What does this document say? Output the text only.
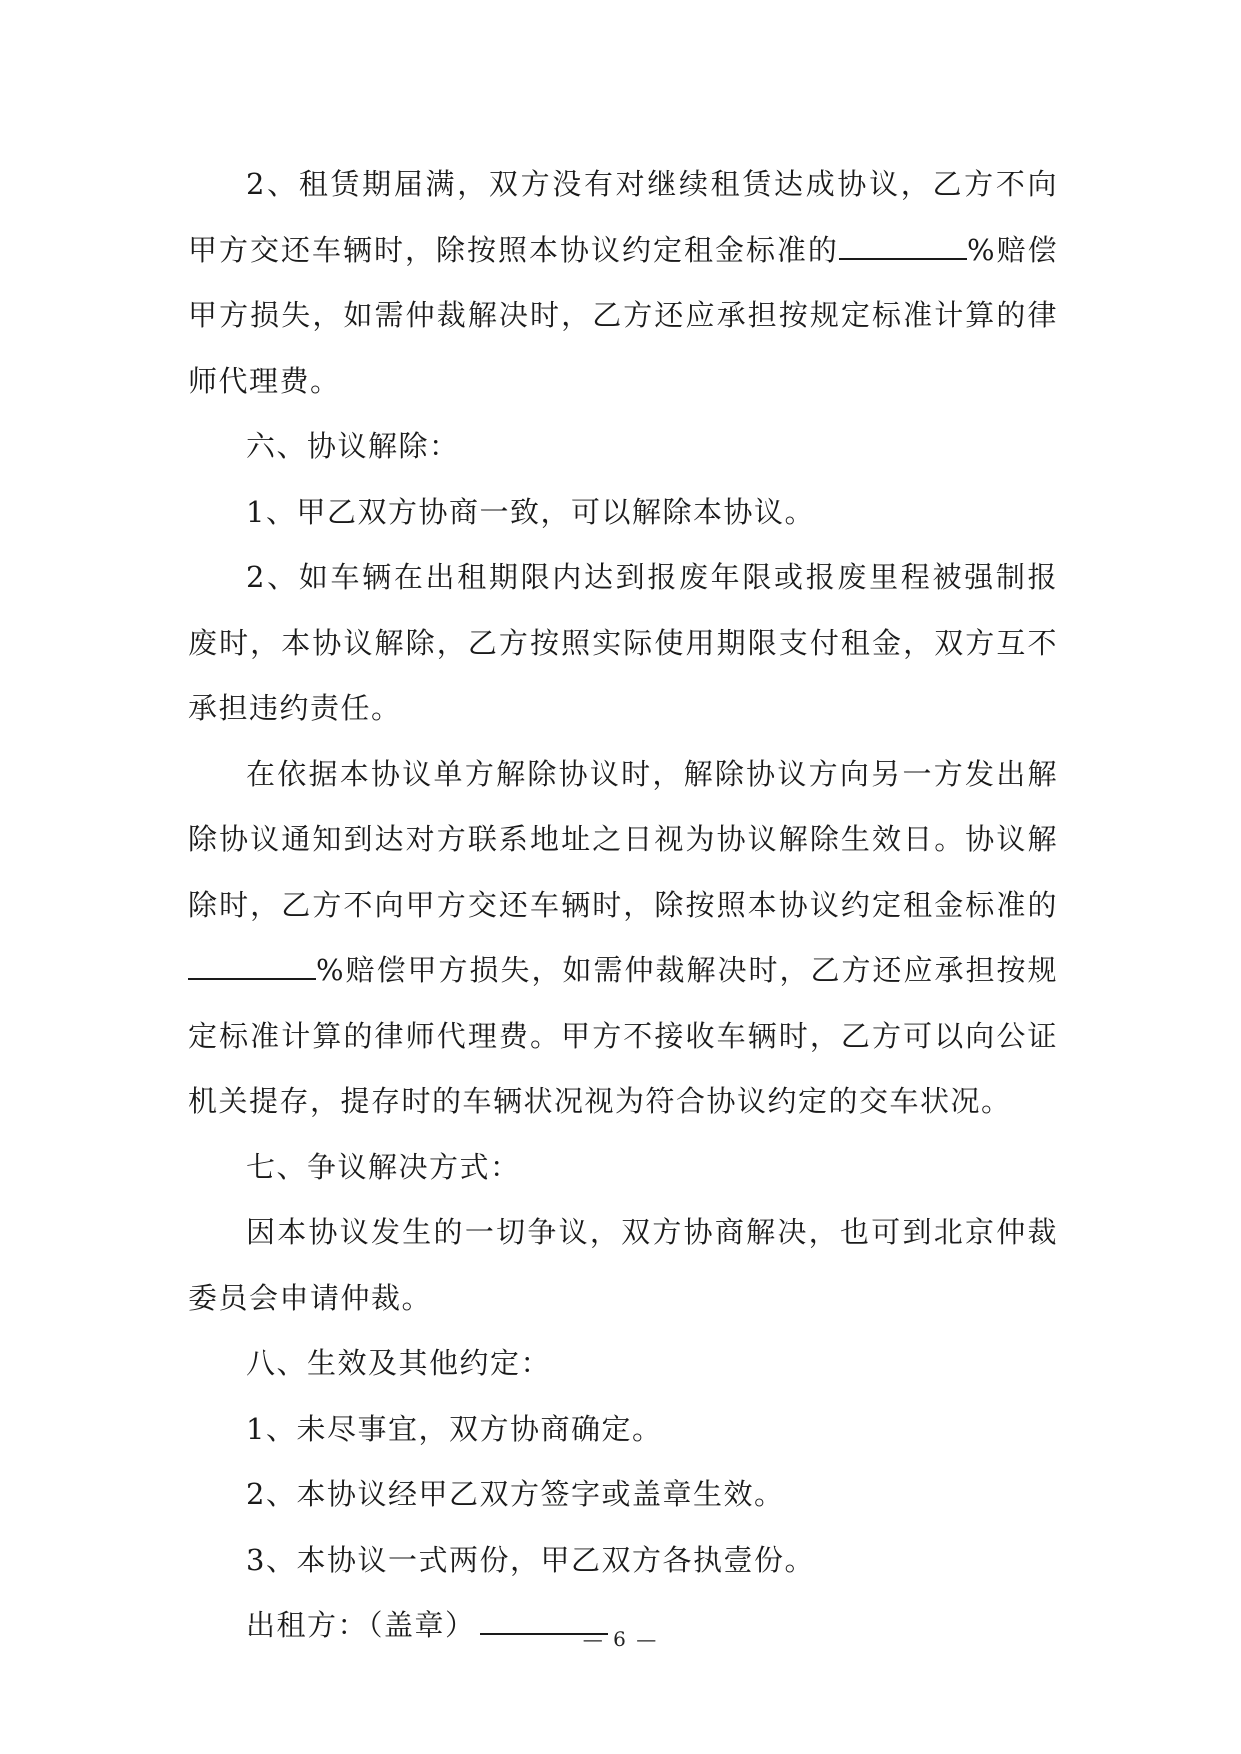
2、租赁期届满，双方没有对继续租赁达成协议，乙方不向甲方交还车辆时，除按照本协议约定租金标准的	%赔偿甲方损失，如需仲裁解决时，乙方还应承担按规定标准计算的律师代理费。

六、协议解除：

1、甲乙双方协商一致，可以解除本协议。

2、如车辆在出租期限内达到报废年限或报废里程被强制报废时，本协议解除，乙方按照实际使用期限支付租金，双方互不承担违约责任。

在依据本协议单方解除协议时，解除协议方向另一方发出解除协议通知到达对方联系地址之日视为协议解除生效日。协议解除时，乙方不向甲方交还车辆时，除按照本协议约定租金标准的%赔偿甲方损失，如需仲裁解决时，乙方还应承担按规定标准计算的律师代理费。甲方不接收车辆时，乙方可以向公证机关提存，提存时的车辆状况视为符合协议约定的交车状况。

七、争议解决方式：

因本协议发生的一切争议，双方协商解决，也可到北京仲裁委员会申请仲裁。

八、生效及其他约定：

1、未尽事宜，双方协商确定。

2、本协议经甲乙双方签字或盖章生效。

3、本协议一式两份，甲乙双方各执壹份。

出租方：（盖章）	— 6 —
